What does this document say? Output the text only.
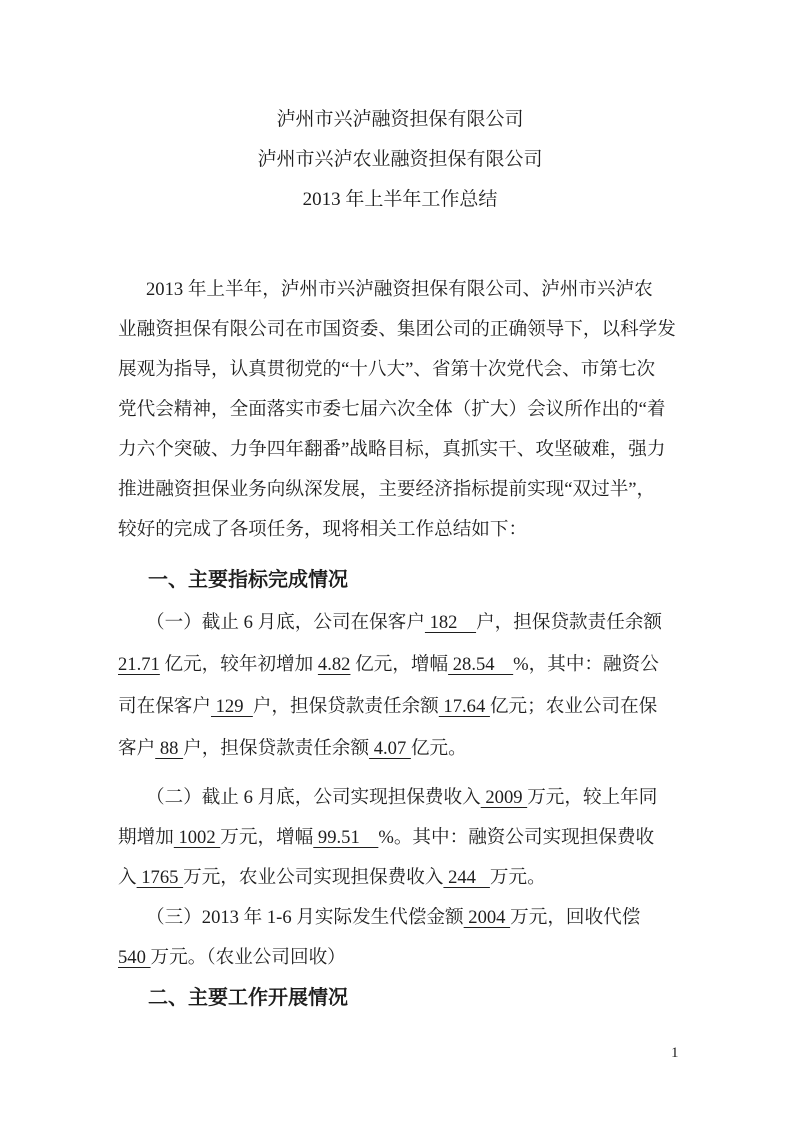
泸州市兴泸融资担保有限公司
泸州市兴泸农业融资担保有限公司
2013 年上半年工作总结
2013 年上半年，泸州市兴泸融资担保有限公司、泸州市兴泸农
业融资担保有限公司在市国资委、集团公司的正确领导下，以科学发
展观为指导，认真贯彻党的“十八大”、省第十次党代会、市第七次
党代会精神，全面落实市委七届六次全体（扩大）会议所作出的“着
力六个突破、力争四年翻番”战略目标，真抓实干、攻坚破难，强力
推进融资担保业务向纵深发展，主要经济指标提前实现“双过半”，
较好的完成了各项任务，现将相关工作总结如下：
一、主要指标完成情况
（一）截止 6 月底，公司在保客户 182    户，担保贷款责任余额
21.71 亿元，较年初增加 4.82 亿元，增幅 28.54    %，其中：融资公
司在保客户 129  户，担保贷款责任余额 17.64 亿元；农业公司在保
客户 88 户，担保贷款责任余额 4.07 亿元。
（二）截止 6 月底，公司实现担保费收入 2009 万元，较上年同
期增加 1002 万元，增幅 99.51    %。其中：融资公司实现担保费收
入 1765 万元，农业公司实现担保费收入 244   万元。
（三）2013 年 1-6 月实际发生代偿金额 2004 万元，回收代偿
540 万元。（农业公司回收）
二、主要工作开展情况
1
